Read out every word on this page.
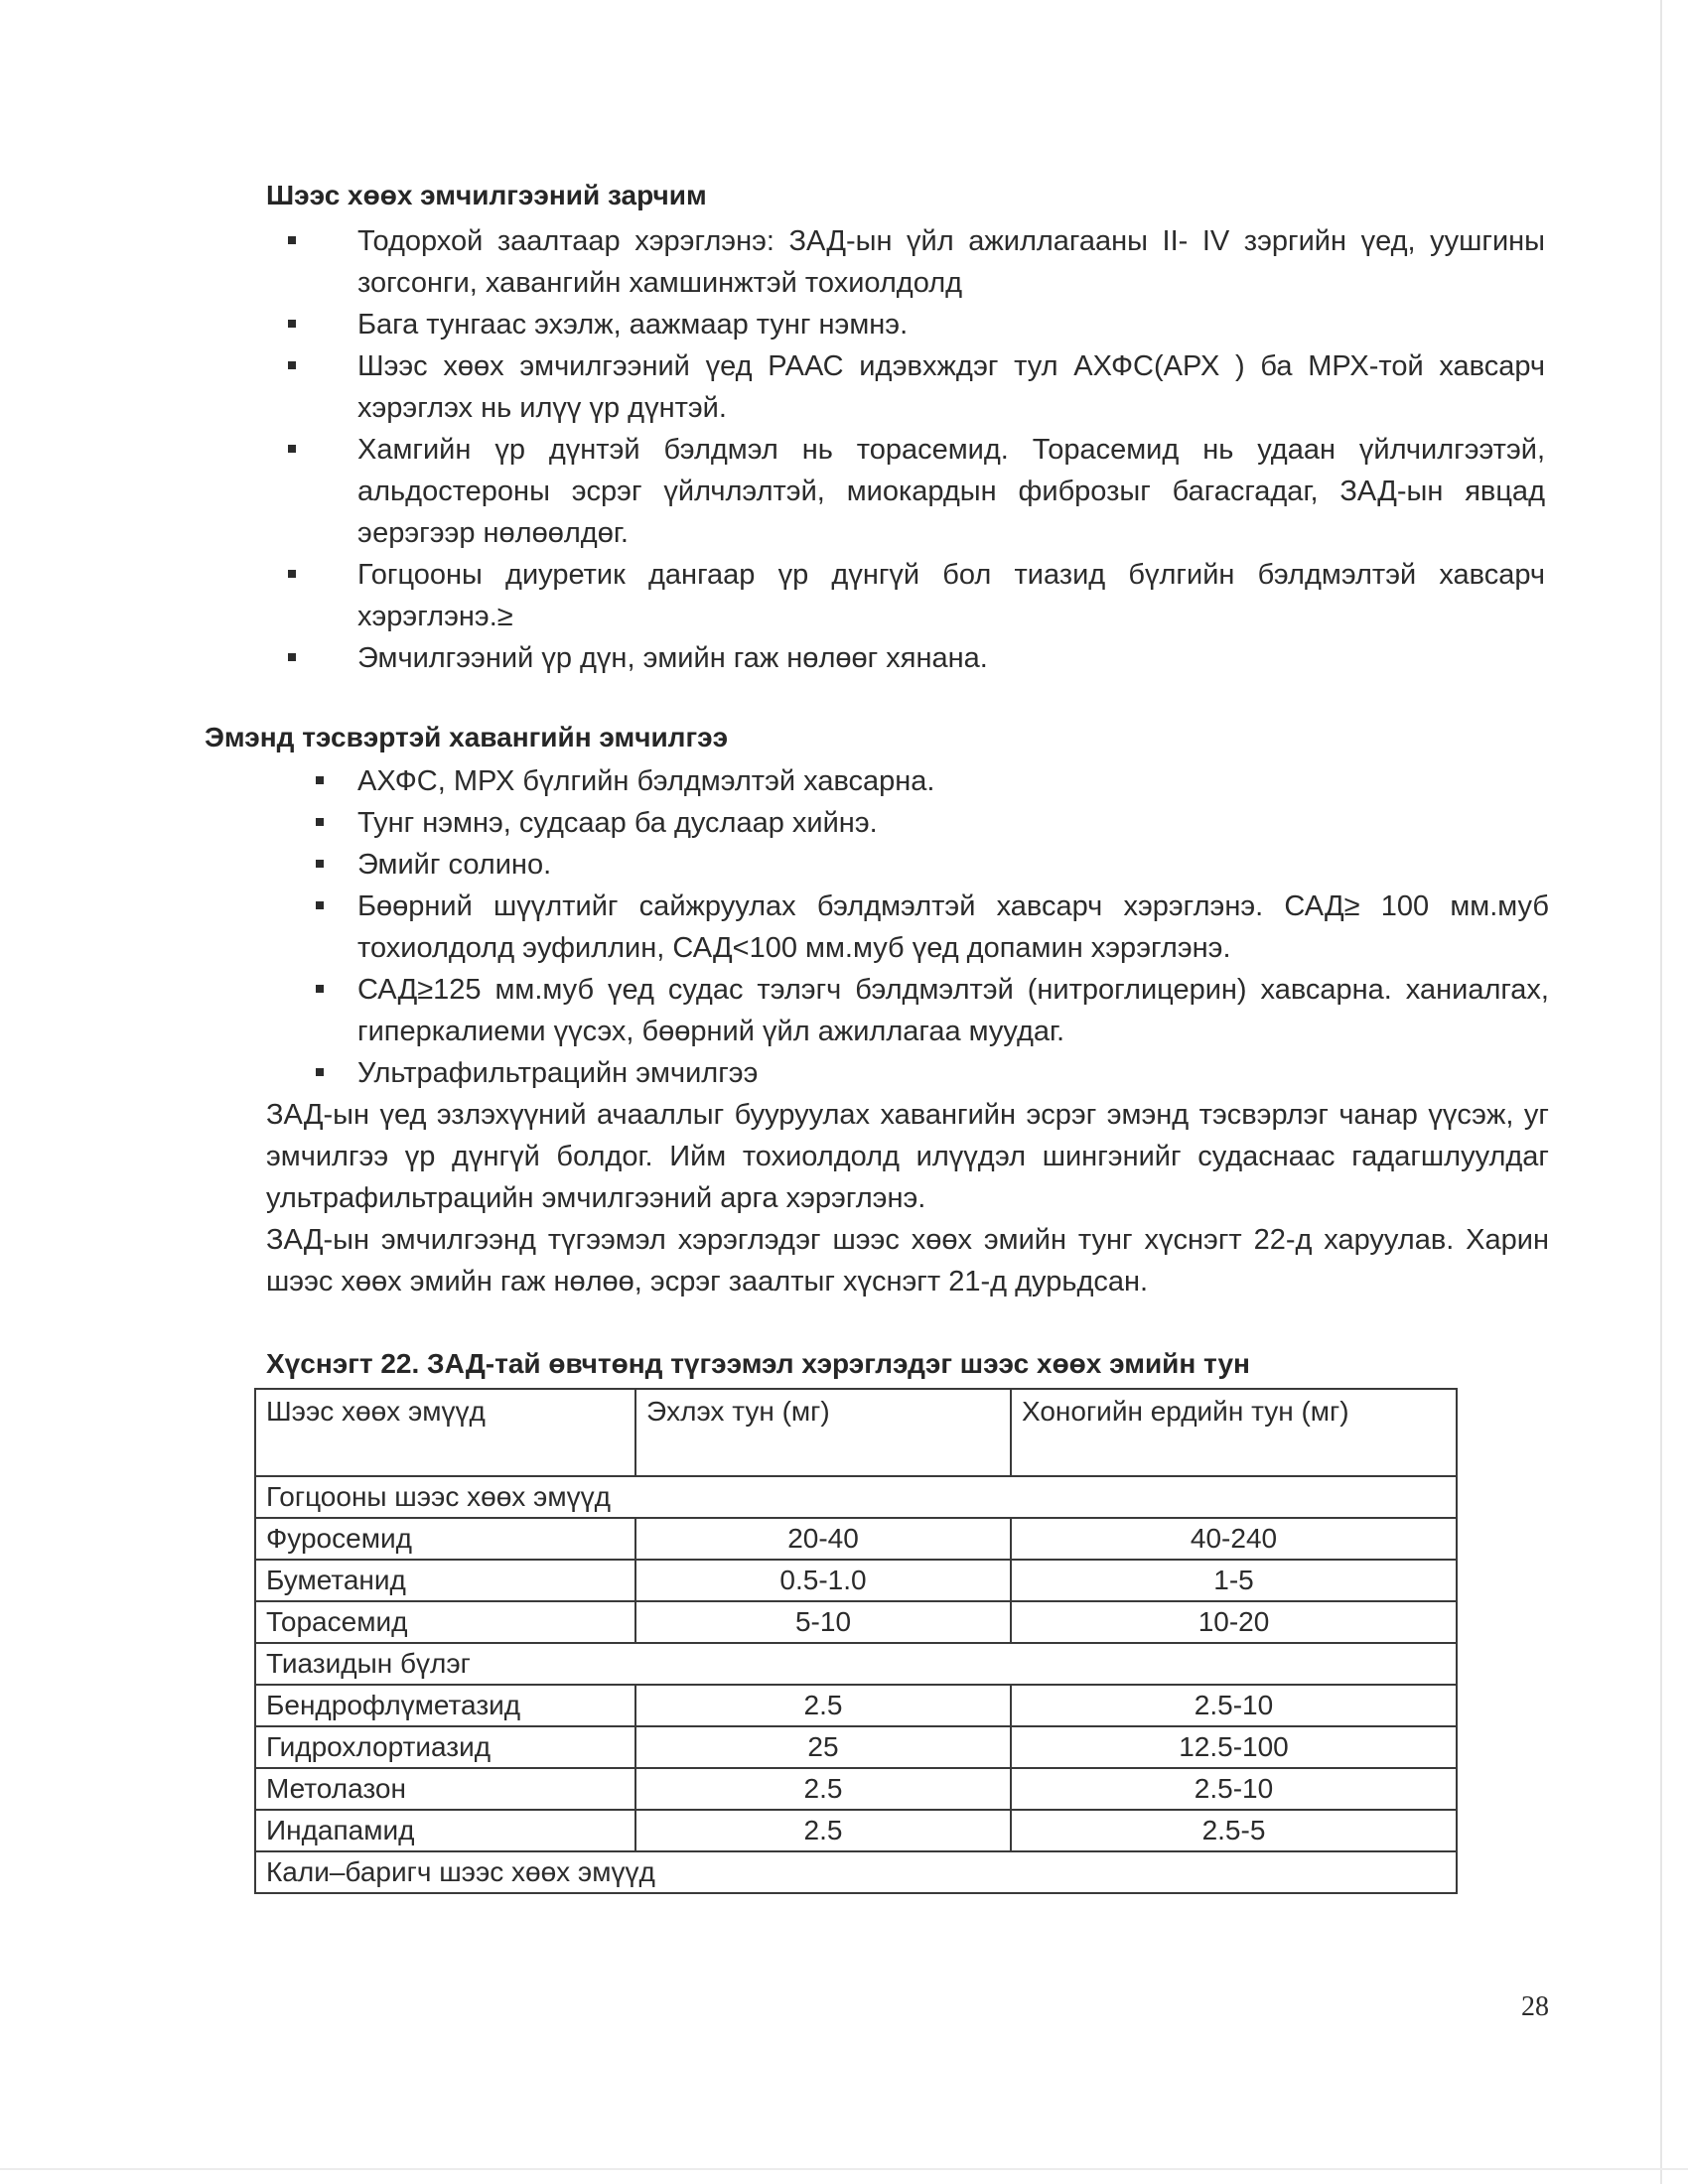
Шээс хөөх эмчилгээний зарчим
Тодорхой заалтаар хэрэглэнэ: ЗАД-ын үйл ажиллагааны II- IV зэргийн үед, уушгины зогсонги, хавангийн хамшинжтэй тохиолдолд
Бага тунгаас эхэлж, аажмаар тунг нэмнэ.
Шээс хөөх эмчилгээний үед РААС идэвхждэг тул АХФС(АРХ ) ба МРХ-той хавсарч хэрэглэх нь илүү үр дүнтэй.
Хамгийн үр дүнтэй бэлдмэл нь торасемид. Торасемид нь удаан үйлчилгээтэй, альдостероны эсрэг үйлчлэлтэй, миокардын фиброзыг багасгадаг, ЗАД-ын явцад эерэгээр нөлөөлдөг.
Гогцооны диуретик дангаар үр дүнгүй бол тиазид бүлгийн бэлдмэлтэй хавсарч хэрэглэнэ.≥
Эмчилгээний үр дүн, эмийн гаж нөлөөг хянана.
Эмэнд тэсвэртэй хавангийн эмчилгээ
АХФС, МРХ бүлгийн бэлдмэлтэй хавсарна.
Тунг нэмнэ, судсаар ба дуслаар хийнэ.
Эмийг солино.
Бөөрний шүүлтийг сайжруулах бэлдмэлтэй хавсарч хэрэглэнэ. САД≥ 100 мм.муб тохиолдолд эуфиллин, САД<100 мм.муб үед допамин хэрэглэнэ.
САД≥125 мм.муб үед судас тэлэгч бэлдмэлтэй (нитроглицерин) хавсарна. ханиалгах, гиперкалиеми үүсэх, бөөрний үйл ажиллагаа муудаг.
Ультрафильтрацийн эмчилгээ

ЗАД-ын үед эзлэхүүний ачааллыг бууруулах хавангийн эсрэг эмэнд тэсвэрлэг чанар үүсэж, уг эмчилгээ үр дүнгүй болдог. Ийм тохиолдолд илүүдэл шингэнийг судаснаас гадагшлуулдаг ультрафильтрацийн эмчилгээний арга хэрэглэнэ.

ЗАД-ын эмчилгээнд түгээмэл хэрэглэдэг шээс хөөх эмийн тунг хүснэгт 22-д харуулав. Харин шээс хөөх эмийн гаж нөлөө, эсрэг заалтыг хүснэгт 21-д дурьдсан.

Хүснэгт 22. ЗАД-тай өвчтөнд түгээмэл хэрэглэдэг шээс хөөх эмийн тун

Шээс хөөх эмүүд	Эхлэх тун (мг)	Хоногийн ердийн тун (мг)
Гогцооны шээс хөөх эмүүд		
Фуросемид	20-40	40-240
Буметанид	0.5-1.0	1-5
Торасемид	5-10	10-20
Тиазидын бүлэг		
Бендрофлүметазид	2.5	2.5-10
Гидрохлортиазид	25	12.5-100
Метолазон	2.5	2.5-10
Индапамид	2.5	2.5-5
Кали–баригч шээс хөөх эмүүд		
28
